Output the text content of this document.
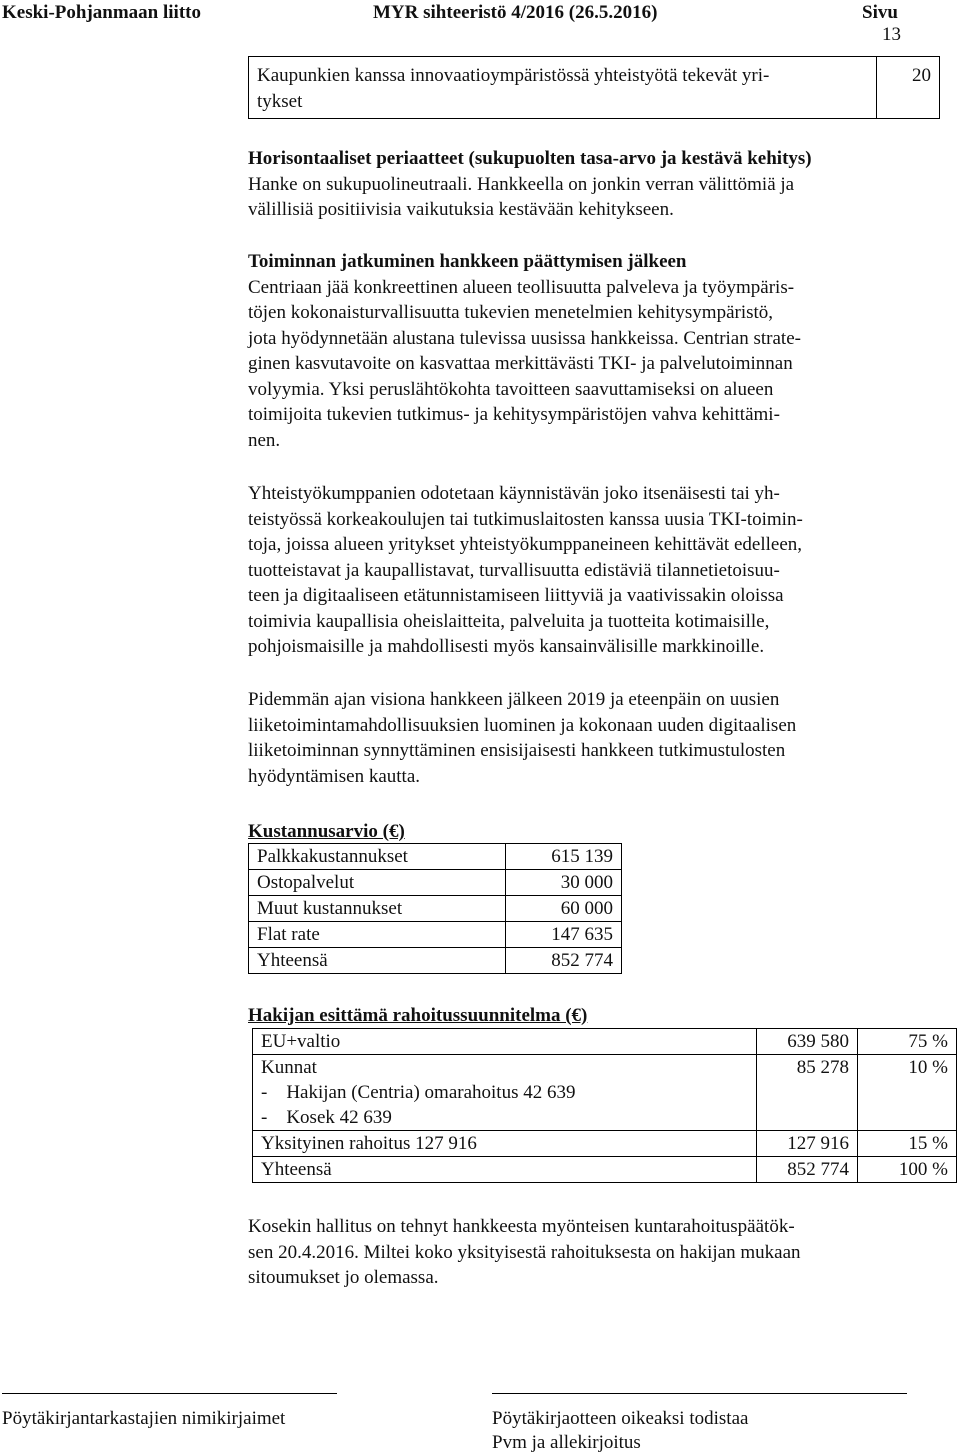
Keski-Pohjanmaan liitto	MYR sihteeristö 4/2016 (26.5.2016)	Sivu
13
Kaupunkien kanssa innovaatioympäristössä yhteistyötä tekevät yri-
tykset
20

Horisontaaliset periaatteet (sukupuolten tasa-arvo ja kestävä kehitys)

Hanke on sukupuolineutraali. Hankkeella on jonkin verran välittömiä ja

välillisiä positiivisia vaikutuksia kestävään kehitykseen.

Toiminnan jatkuminen hankkeen päättymisen jälkeen

Centriaan jää konkreettinen alueen teollisuutta palveleva ja työympäris-

töjen kokonaisturvallisuutta tukevien menetelmien kehitysympäristö,

jota hyödynnetään alustana tulevissa uusissa hankkeissa. Centrian strate-

ginen kasvutavoite on kasvattaa merkittävästi TKI- ja palvelutoiminnan

volyymia. Yksi peruslähtökohta tavoitteen saavuttamiseksi on alueen

toimijoita tukevien tutkimus- ja kehitysympäristöjen vahva kehittämi-

nen.

Yhteistyökumppanien odotetaan käynnistävän joko itsenäisesti tai yh-

teistyössä korkeakoulujen tai tutkimuslaitosten kanssa uusia TKI-toimin-

toja, joissa alueen yritykset yhteistyökumppaneineen kehittävät edelleen,

tuotteistavat ja kaupallistavat, turvallisuutta edistäviä tilannetietoisuu-

teen ja digitaaliseen etätunnistamiseen liittyviä ja vaativissakin oloissa

toimivia kaupallisia oheislaitteita, palveluita ja tuotteita kotimaisille,

pohjoismaisille ja mahdollisesti myös kansainvälisille markkinoille.

Pidemmän ajan visiona hankkeen jälkeen 2019 ja eteenpäin on uusien

liiketoimintamahdollisuuksien luominen ja kokonaan uuden digitaalisen

liiketoiminnan synnyttäminen ensisijaisesti hankkeen tutkimustulosten

hyödyntämisen kautta.

Kustannusarvio (€)
Palkkakustannukset	615 139
Ostopalvelut	30 000
Muut kustannukset	60 000
Flat rate	147 635
Yhteensä	852 774
Hakijan esittämä rahoitussuunnitelma (€)
EU+valtio	639 580	75 %

Kunnat
-    Hakijan (Centria) omarahoitus 42 639
-    Kosek 42 639	85 278	10 %
Yksityinen rahoitus 127 916	127 916	15 %
Yhteensä	852 774	100 %

Kosekin hallitus on tehnyt hankkeesta myönteisen kuntarahoituspäätök-

sen 20.4.2016. Miltei koko yksityisestä rahoituksesta on hakijan mukaan

sitoumukset jo olemassa.

Pöytäkirjantarkastajien nimikirjaimet	Pöytäkirjaotteen oikeaksi todistaa
Pvm ja allekirjoitus
